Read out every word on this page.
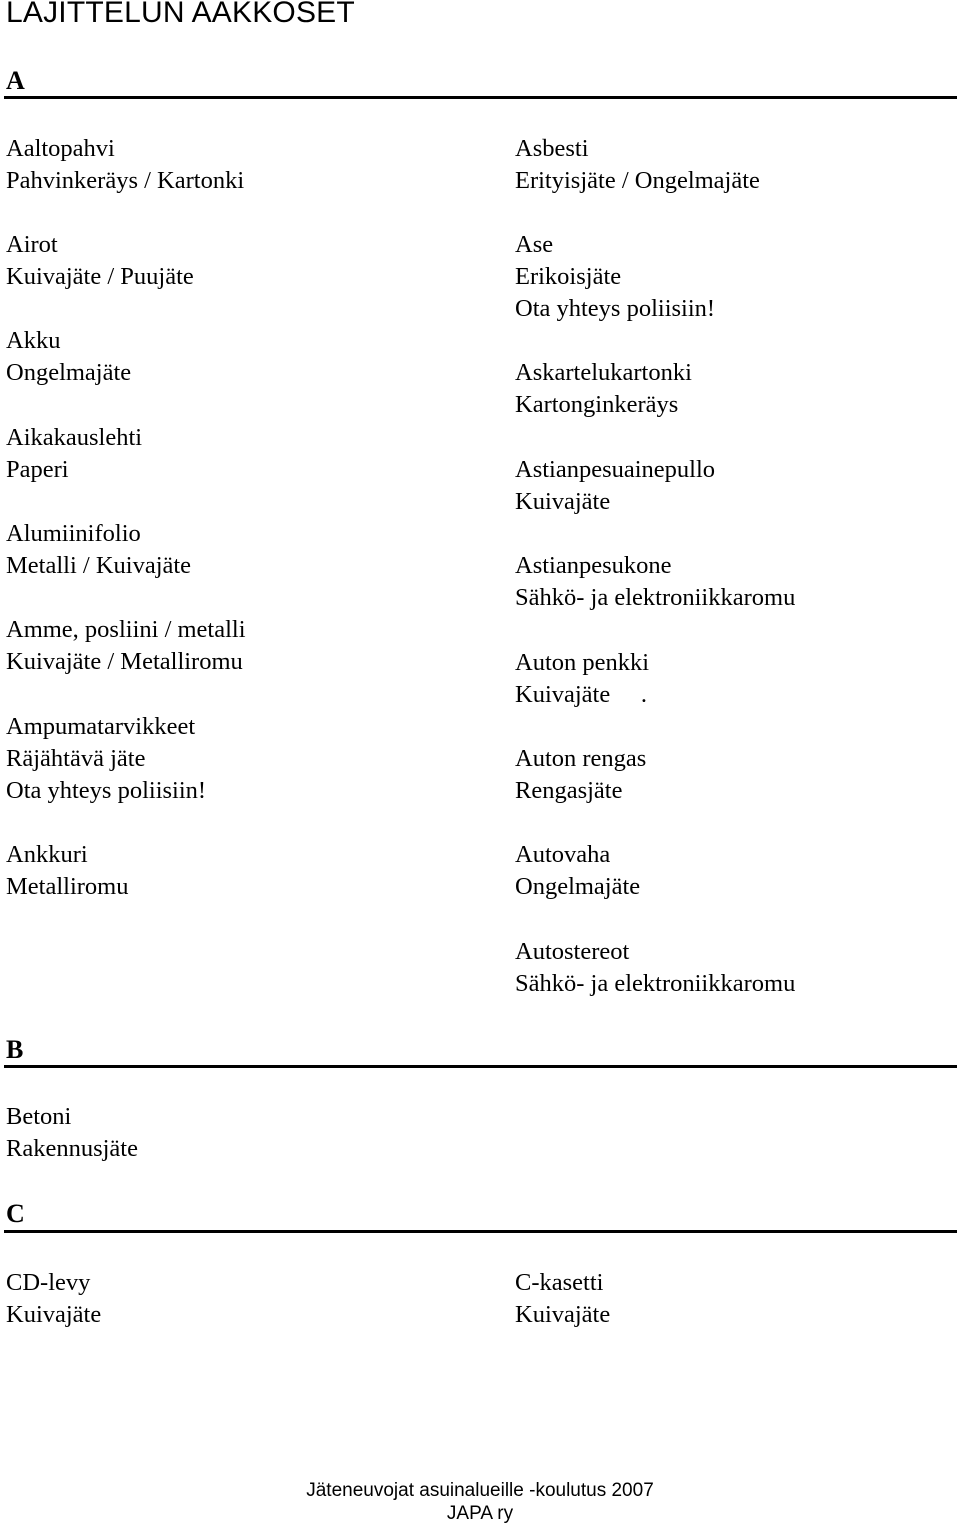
LAJITTELUN AAKKOSET
A
Aaltopahvi
Pahvinkeräys / Kartonki
Airot
Kuivajäte / Puujäte
Akku
Ongelmajäte
Aikakauslehti
Paperi
Alumiinifolio
Metalli / Kuivajäte
Amme, posliini / metalli
Kuivajäte / Metalliromu
Ampumatarvikkeet
Räjähtävä jäte
Ota yhteys poliisiin!
Ankkuri
Metalliromu
Asbesti
Erityisjäte / Ongelmajäte
Ase
Erikoisjäte
Ota yhteys poliisiin!
Askartelukartonki
Kartonginkeräys
Astianpesuainepullo
Kuivajäte
Astianpesukone
Sähkö- ja elektroniikkaromu
Auton penkki
Kuivajäte     .
Auton rengas
Rengasjäte
Autovaha
Ongelmajäte
Autostereot
Sähkö- ja elektroniikkaromu
B
Betoni
Rakennusjäte
C
CD-levy
Kuivajäte
C-kasetti
Kuivajäte
Jäteneuvojat asuinalueille -koulutus 2007
JAPA ry
